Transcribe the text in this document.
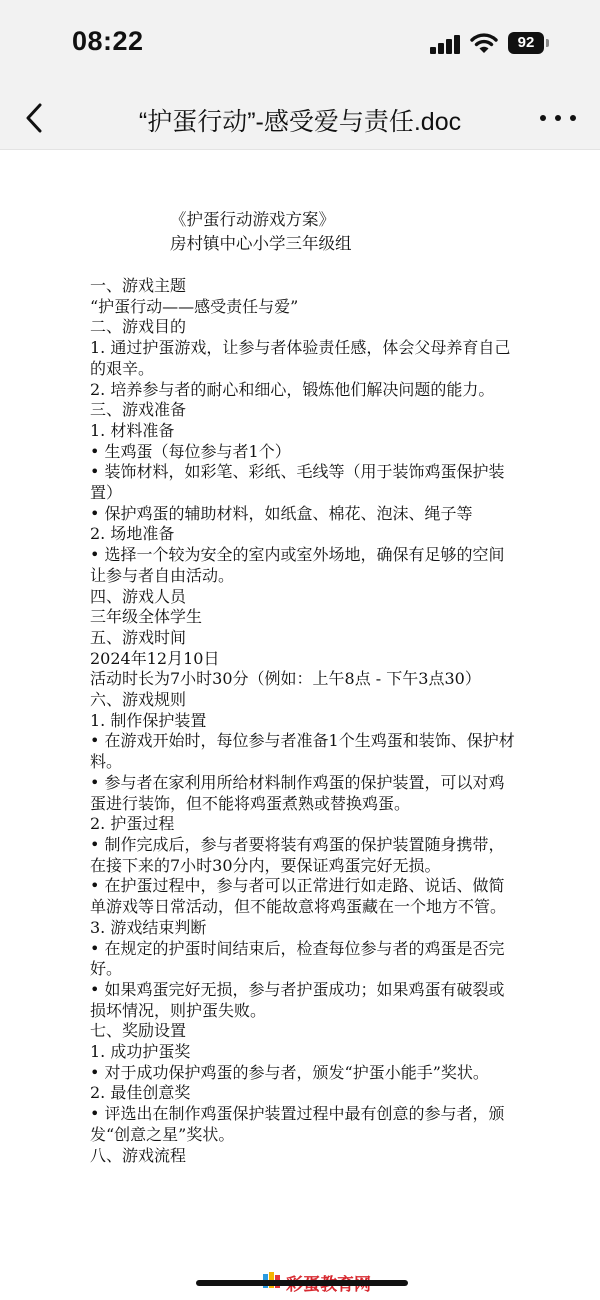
08:22	92
“护蛋行动”-感受爱与责任.doc
《护蛋行动游戏方案》
房村镇中心小学三年级组

一、游戏主题

“护蛋行动——感受责任与爱”

二、游戏目的

1. 通过护蛋游戏，让参与者体验责任感，体会父母养育自己的艰辛。

2. 培养参与者的耐心和细心，锻炼他们解决问题的能力。

三、游戏准备

1. 材料准备

• 生鸡蛋（每位参与者1个）

• 装饰材料，如彩笔、彩纸、毛线等（用于装饰鸡蛋保护装置）

• 保护鸡蛋的辅助材料，如纸盒、棉花、泡沫、绳子等

2. 场地准备

• 选择一个较为安全的室内或室外场地，确保有足够的空间让参与者自由活动。

四、游戏人员

三年级全体学生

五、游戏时间

2024年12月10日

活动时长为7小时30分（例如：上午8点 - 下午3点30）

六、游戏规则

1. 制作保护装置

• 在游戏开始时，每位参与者准备1个生鸡蛋和装饰、保护材料。

• 参与者在家利用所给材料制作鸡蛋的保护装置，可以对鸡蛋进行装饰，但不能将鸡蛋煮熟或替换鸡蛋。

2. 护蛋过程

• 制作完成后，参与者要将装有鸡蛋的保护装置随身携带，在接下来的7小时30分内，要保证鸡蛋完好无损。

• 在护蛋过程中，参与者可以正常进行如走路、说话、做简单游戏等日常活动，但不能故意将鸡蛋藏在一个地方不管。

3. 游戏结束判断

• 在规定的护蛋时间结束后，检查每位参与者的鸡蛋是否完好。

• 如果鸡蛋完好无损，参与者护蛋成功；如果鸡蛋有破裂或损坏情况，则护蛋失败。

七、奖励设置

1. 成功护蛋奖

• 对于成功保护鸡蛋的参与者，颁发“护蛋小能手”奖状。

2. 最佳创意奖

• 评选出在制作鸡蛋保护装置过程中最有创意的参与者，颁发“创意之星”奖状。

八、游戏流程
